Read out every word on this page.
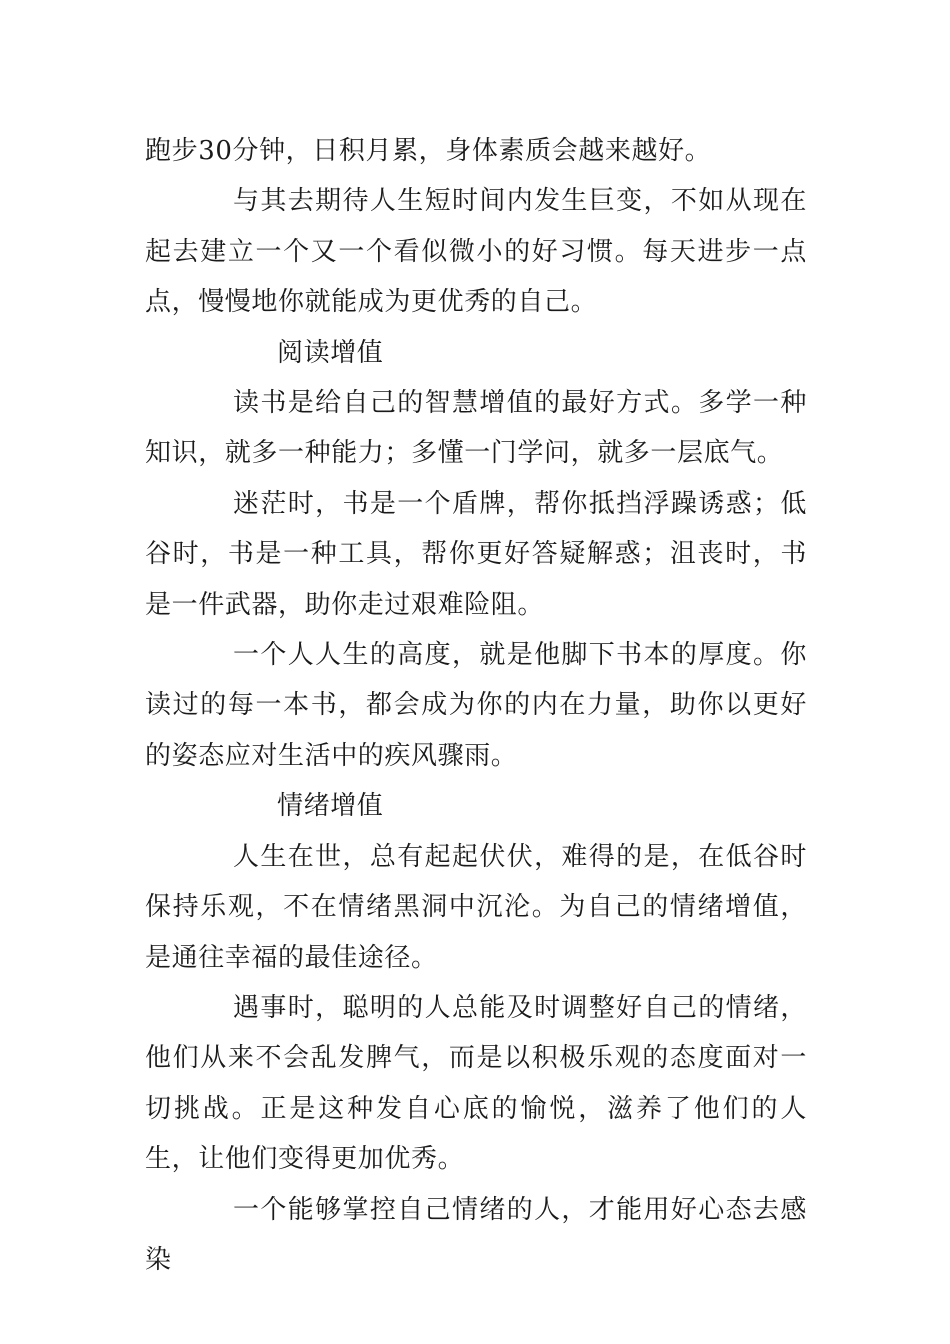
跑步30分钟，日积月累，身体素质会越来越好。

与其去期待人生短时间内发生巨变，不如从现在起去建立一个又一个看似微小的好习惯。每天进步一点点，慢慢地你就能成为更优秀的自己。

阅读增值

读书是给自己的智慧增值的最好方式。多学一种知识，就多一种能力；多懂一门学问，就多一层底气。

迷茫时，书是一个盾牌，帮你抵挡浮躁诱惑；低谷时，书是一种工具，帮你更好答疑解惑；沮丧时，书是一件武器，助你走过艰难险阻。

一个人人生的高度，就是他脚下书本的厚度。你读过的每一本书，都会成为你的内在力量，助你以更好的姿态应对生活中的疾风骤雨。

情绪增值

人生在世，总有起起伏伏，难得的是，在低谷时保持乐观，不在情绪黑洞中沉沦。为自己的情绪增值，是通往幸福的最佳途径。

遇事时，聪明的人总能及时调整好自己的情绪，他们从来不会乱发脾气，而是以积极乐观的态度面对一切挑战。正是这种发自心底的愉悦，滋养了他们的人生，让他们变得更加优秀。

一个能够掌控自己情绪的人，才能用好心态去感染
